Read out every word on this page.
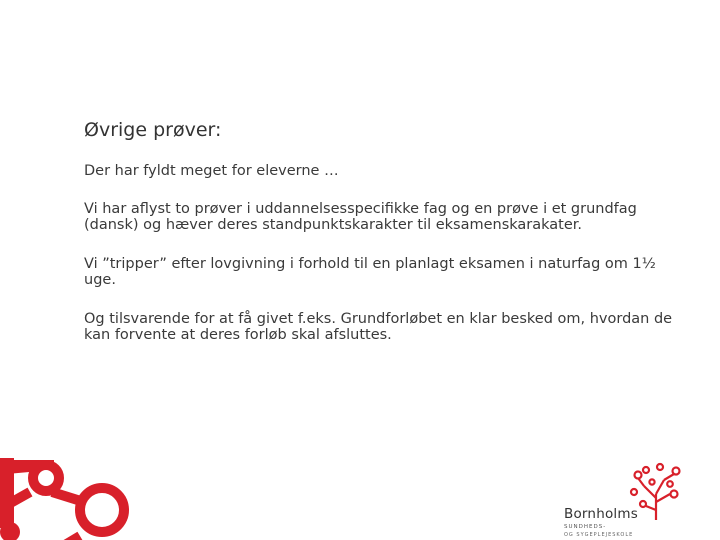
Øvrige prøver:

Der har fyldt meget for eleverne …

Vi har aflyst to prøver i uddannelsesspecifikke fag og en prøve i et grundfag (dansk) og hæver deres standpunktskarakter til eksamenskarakater.

Vi ”tripper” efter lovgivning i forhold til en planlagt eksamen i naturfag om 1½ uge.

Og tilsvarende for at få givet f.eks. Grundforløbet en klar besked om, hvordan de kan forvente at deres forløb skal afsluttes.

Bornholms
SUNDHEDS-
OG SYGEPLEJESKOLE
